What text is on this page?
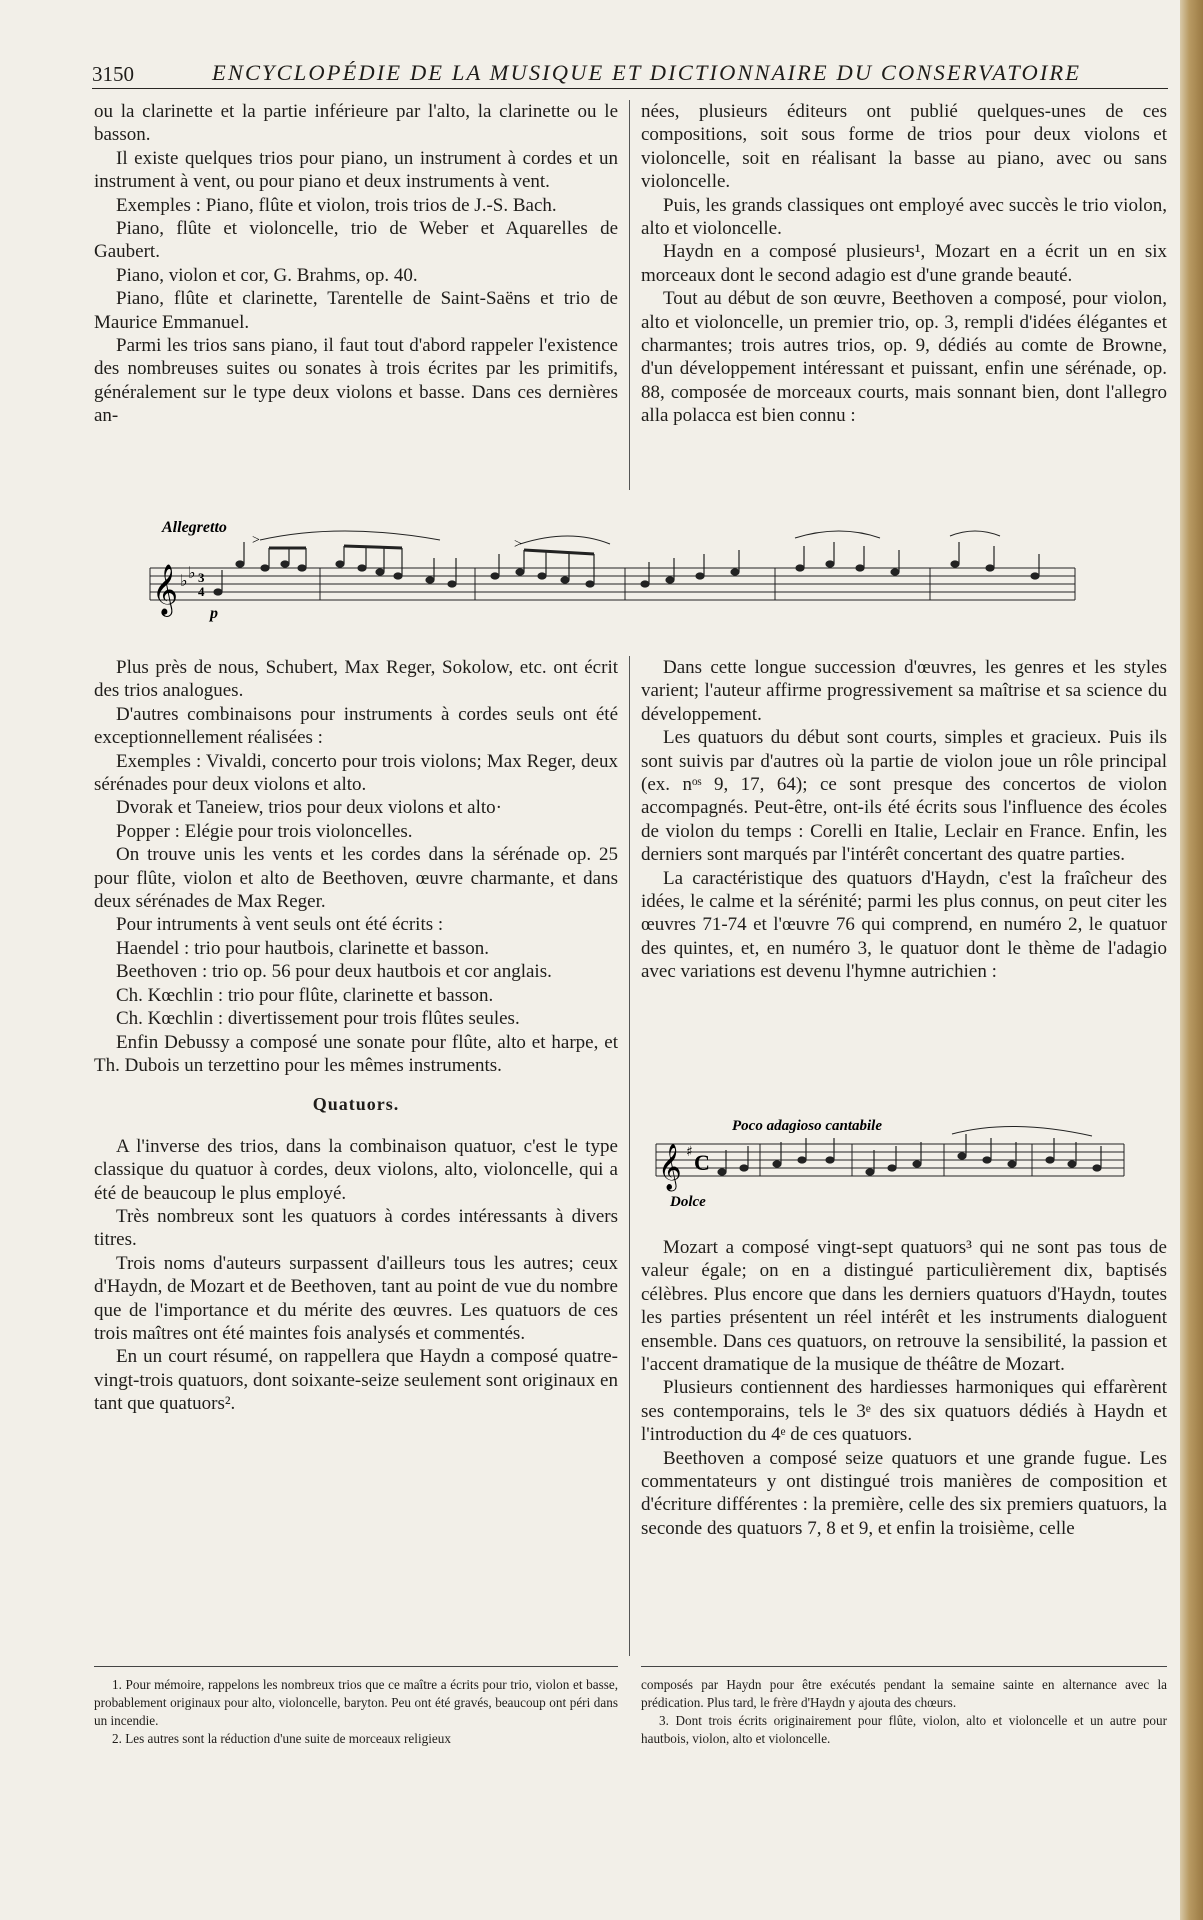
3150	ENCYCLOPÉDIE DE LA MUSIQUE ET DICTIONNAIRE DU CONSERVATOIRE

ou la clarinette et la partie inférieure par l'alto, la clarinette ou le basson.

Il existe quelques trios pour piano, un instrument à cordes et un instrument à vent, ou pour piano et deux instruments à vent.

Exemples : Piano, flûte et violon, trois trios de J.-S. Bach.

Piano, flûte et violoncelle, trio de Weber et Aquarelles de Gaubert.

Piano, violon et cor, G. Brahms, op. 40.

Piano, flûte et clarinette, Tarentelle de Saint-Saëns et trio de Maurice Emmanuel.

Parmi les trios sans piano, il faut tout d'abord rappeler l'existence des nombreuses suites ou sonates à trois écrites par les primitifs, généralement sur le type deux violons et basse. Dans ces dernières an-

nées, plusieurs éditeurs ont publié quelques-unes de ces compositions, soit sous forme de trios pour deux violons et violoncelle, soit en réalisant la basse au piano, avec ou sans violoncelle.

Puis, les grands classiques ont employé avec succès le trio violon, alto et violoncelle.

Haydn en a composé plusieurs¹, Mozart en a écrit un en six morceaux dont le second adagio est d'une grande beauté.

Tout au début de son œuvre, Beethoven a composé, pour violon, alto et violoncelle, un premier trio, op. 3, rempli d'idées élégantes et charmantes; trois autres trios, op. 9, dédiés au comte de Browne, d'un développement intéressant et puissant, enfin une sérénade, op. 88, composée de morceaux courts, mais sonnant bien, dont l'allegro alla polacca est bien connu :

Allegretto
𝄞 ♭ ♭ 3
4
p
>	>

Plus près de nous, Schubert, Max Reger, Sokolow, etc. ont écrit des trios analogues.

D'autres combinaisons pour instruments à cordes seuls ont été exceptionnellement réalisées :

Exemples : Vivaldi, concerto pour trois violons; Max Reger, deux sérénades pour deux violons et alto.

Dvorak et Taneiew, trios pour deux violons et alto·

Popper : Elégie pour trois violoncelles.

On trouve unis les vents et les cordes dans la sérénade op. 25 pour flûte, violon et alto de Beethoven, œuvre charmante, et dans deux sérénades de Max Reger.

Pour intruments à vent seuls ont été écrits :

Haendel : trio pour hautbois, clarinette et basson.

Beethoven : trio op. 56 pour deux hautbois et cor anglais.

Ch. Kœchlin : trio pour flûte, clarinette et basson.

Ch. Kœchlin : divertissement pour trois flûtes seules.

Enfin Debussy a composé une sonate pour flûte, alto et harpe, et Th. Dubois un terzettino pour les mêmes instruments.

Quatuors.

A l'inverse des trios, dans la combinaison quatuor, c'est le type classique du quatuor à cordes, deux violons, alto, violoncelle, qui a été de beaucoup le plus employé.

Très nombreux sont les quatuors à cordes intéressants à divers titres.

Trois noms d'auteurs surpassent d'ailleurs tous les autres; ceux d'Haydn, de Mozart et de Beethoven, tant au point de vue du nombre que de l'importance et du mérite des œuvres. Les quatuors de ces trois maîtres ont été maintes fois analysés et commentés.

En un court résumé, on rappellera que Haydn a composé quatre-vingt-trois quatuors, dont soixante-seize seulement sont originaux en tant que quatuors².

Dans cette longue succession d'œuvres, les genres et les styles varient; l'auteur affirme progressivement sa maîtrise et sa science du développement.

Les quatuors du début sont courts, simples et gracieux. Puis ils sont suivis par d'autres où la partie de violon joue un rôle principal (ex. nᵒˢ 9, 17, 64); ce sont presque des concertos de violon accompagnés. Peut-être, ont-ils été écrits sous l'influence des écoles de violon du temps : Corelli en Italie, Leclair en France. Enfin, les derniers sont marqués par l'intérêt concertant des quatre parties.

La caractéristique des quatuors d'Haydn, c'est la fraîcheur des idées, le calme et la sérénité; parmi les plus connus, on peut citer les œuvres 71-74 et l'œuvre 76 qui comprend, en numéro 2, le quatuor des quintes, et, en numéro 3, le quatuor dont le thème de l'adagio avec variations est devenu l'hymne autrichien :

Poco adagioso cantabile
𝄞 ♯ C
Dolce

Mozart a composé vingt-sept quatuors³ qui ne sont pas tous de valeur égale; on en a distingué particulièrement dix, baptisés célèbres. Plus encore que dans les derniers quatuors d'Haydn, toutes les parties présentent un réel intérêt et les instruments dialoguent ensemble. Dans ces quatuors, on retrouve la sensibilité, la passion et l'accent dramatique de la musique de théâtre de Mozart.

Plusieurs contiennent des hardiesses harmoniques qui effarèrent ses contemporains, tels le 3ᵉ des six quatuors dédiés à Haydn et l'introduction du 4ᵉ de ces quatuors.

Beethoven a composé seize quatuors et une grande fugue. Les commentateurs y ont distingué trois manières de composition et d'écriture différentes : la première, celle des six premiers quatuors, la seconde des quatuors 7, 8 et 9, et enfin la troisième, celle

1. Pour mémoire, rappelons les nombreux trios que ce maître a écrits pour trio, violon et basse, probablement originaux pour alto, violoncelle, baryton. Peu ont été gravés, beaucoup ont péri dans un incendie.

2. Les autres sont la réduction d'une suite de morceaux religieux

composés par Haydn pour être exécutés pendant la semaine sainte en alternance avec la prédication. Plus tard, le frère d'Haydn y ajouta des chœurs.

3. Dont trois écrits originairement pour flûte, violon, alto et violoncelle et un autre pour hautbois, violon, alto et violoncelle.
